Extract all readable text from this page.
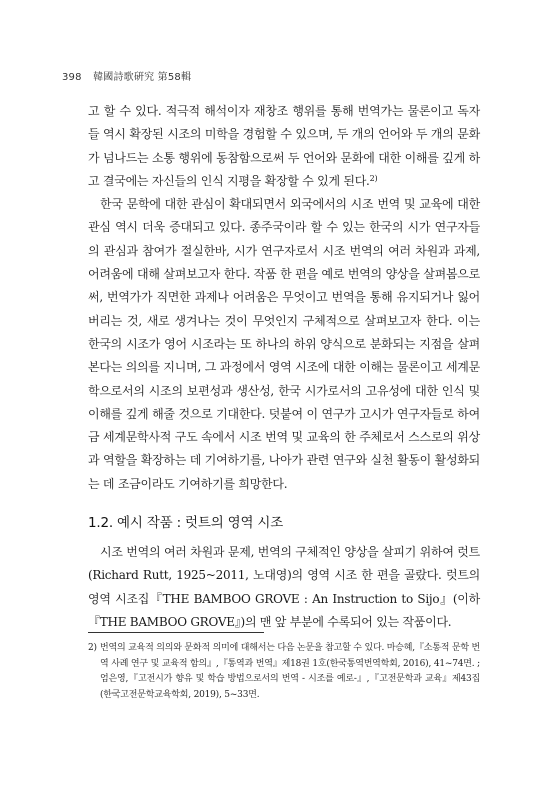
398 韓國詩歌硏究 第58輯

고 할 수 있다. 적극적 해석이자 재창조 행위를 통해 번역가는 물론이고 독자들 역시 확장된 시조의 미학을 경험할 수 있으며, 두 개의 언어와 두 개의 문화가 넘나드는 소통 행위에 동참함으로써 두 언어와 문화에 대한 이해를 깊게 하고 결국에는 자신들의 인식 지평을 확장할 수 있게 된다.$^{2)}$

한국 문학에 대한 관심이 확대되면서 외국에서의 시조 번역 및 교육에 대한 관심 역시 더욱 증대되고 있다. 종주국이라 할 수 있는 한국의 시가 연구자들의 관심과 참여가 절실한바, 시가 연구자로서 시조 번역의 여러 차원과 과제, 어려움에 대해 살펴보고자 한다. 작품 한 편을 예로 번역의 양상을 살펴봄으로써, 번역가가 직면한 과제나 어려움은 무엇이고 번역을 통해 유지되거나 잃어버리는 것, 새로 생겨나는 것이 무엇인지 구체적으로 살펴보고자 한다. 이는 한국의 시조가 영어 시조라는 또 하나의 하위 양식으로 분화되는 지점을 살펴본다는 의의를 지니며, 그 과정에서 영역 시조에 대한 이해는 물론이고 세계문학으로서의 시조의 보편성과 생산성, 한국 시가로서의 고유성에 대한 인식 및 이해를 깊게 해줄 것으로 기대한다. 덧붙여 이 연구가 고시가 연구자들로 하여금 세계문학사적 구도 속에서 시조 번역 및 교육의 한 주체로서 스스로의 위상과 역할을 확장하는 데 기여하기를, 나아가 관련 연구와 실천 활동이 활성화되는 데 조금이라도 기여하기를 희망한다.

1.2. 예시 작품 : 럿트의 영역 시조
시조 번역의 여러 차원과 문제, 번역의 구체적인 양상을 살피기 위하여 럿트(Richard Rutt, 1925~2011, 노대영)의 영역 시조 한 편을 골랐다. 럿트의 영역 시조집『THE BAMBOO GROVE : An Instruction to Sijo』(이하『THE BAMBOO GROVE』)의 맨 앞 부분에 수록되어 있는 작품이다.
2) 번역의 교육적 의의와 문화적 의미에 대해서는 다음 논문을 참고할 수 있다. 마승혜,『소통적 문학 번역 사례 연구 및 교육적 함의』,『통역과 번역』제18권 1호(한국통역번역학회, 2016), 41~74면. ; 엄은영,『고전시가 향유 및 학습 방법으로서의 번역 - 시조를 예로-』,『고전문학과 교육』제43집(한국고전문학교육학회, 2019), 5~33면.
